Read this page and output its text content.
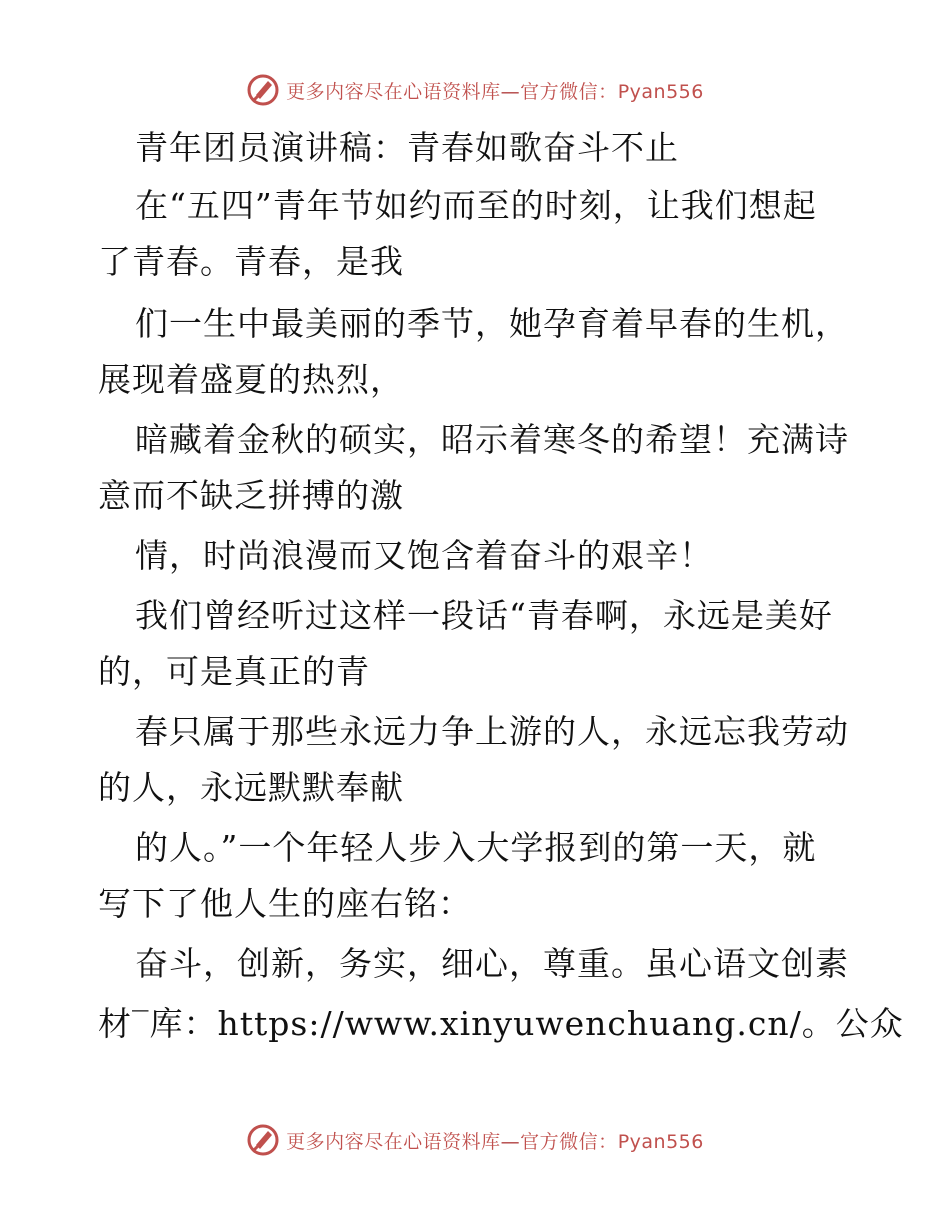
更多内容尽在心语资料库—官方微信：Pyan556
青年团员演讲稿：青春如歌奋斗不止
在“五四”青年节如约而至的时刻，让我们想起
了青春。青春，是我
们一生中最美丽的季节，她孕育着早春的生机，
展现着盛夏的热烈，
暗藏着金秋的硕实，昭示着寒冬的希望！充满诗
意而不缺乏拼搏的激
情，时尚浪漫而又饱含着奋斗的艰辛！
我们曾经听过这样一段话“青春啊，永远是美好
的，可是真正的青
春只属于那些永远力争上游的人，永远忘我劳动
的人，永远默默奉献
的人。”一个年轻人步入大学报到的第一天，就
写下了他人生的座右铭：
奋斗，创新，务实，细心，尊重。虽心语文创素
材‾库：https://www.xinyuwenchuang.cn/。公众
更多内容尽在心语资料库—官方微信：Pyan556
